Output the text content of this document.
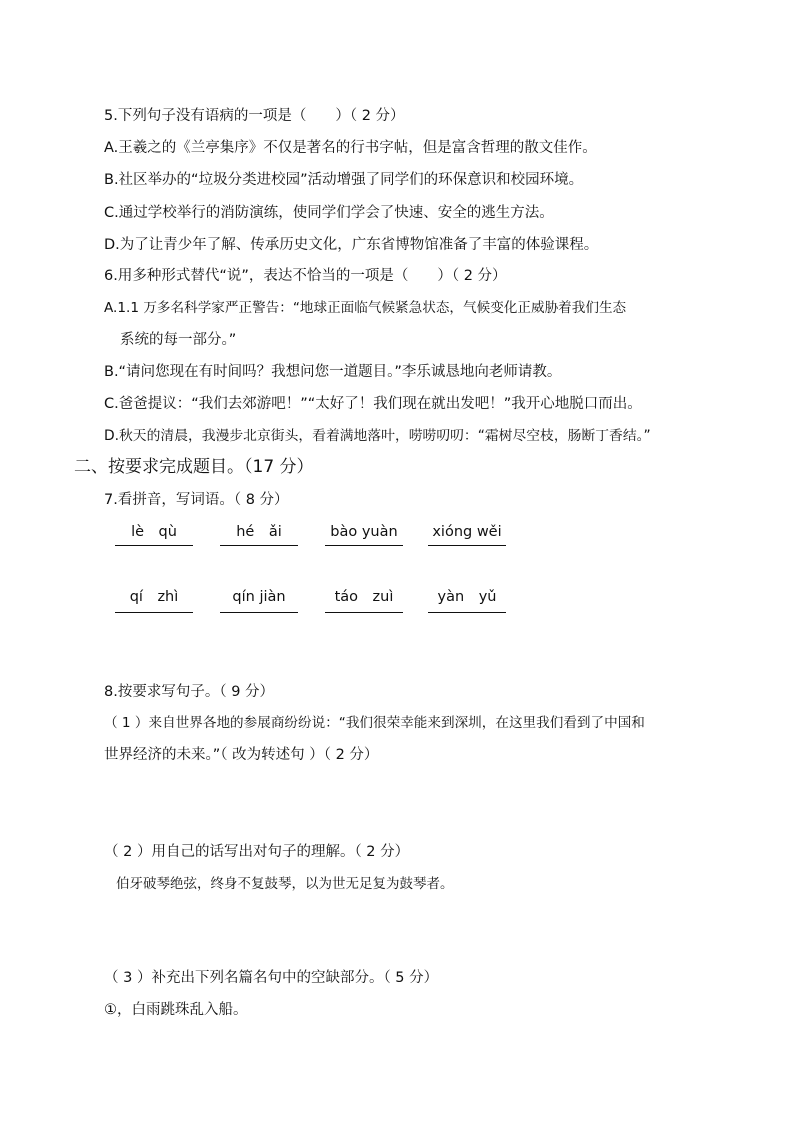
5.下列句子没有语病的一项是（　　）（ 2 分）
A.王羲之的《兰亭集序》不仅是著名的行书字帖，但是富含哲理的散文佳作。
B.社区举办的“垃圾分类进校园”活动增强了同学们的环保意识和校园环境。
C.通过学校举行的消防演练，使同学们学会了快速、安全的逃生方法。
D.为了让青少年了解、传承历史文化，广东省博物馆准备了丰富的体验课程。
6.用多种形式替代“说”，表达不恰当的一项是（　　）（ 2 分）
A.1.1 万多名科学家严正警告：“地球正面临气候紧急状态，气候变化正威胁着我们生态
系统的每一部分。”
B.“请问您现在有时间吗？我想问您一道题目。”李乐诚恳地向老师请教。
C.爸爸提议：“我们去郊游吧！”“太好了！我们现在就出发吧！”我开心地脱口而出。
D.秋天的清晨，我漫步北京街头，看着满地落叶，唠唠叨叨：“霜树尽空枝，肠断丁香结。”
二、按要求完成题目。（17 分）
7.看拼音，写词语。（ 8 分）
lè　qù	hé　ǎi	bào yuàn	xióng wěi
qí　zhì	qín jiàn	táo　zuì	yàn　yǔ
8.按要求写句子。（ 9 分）
（ 1 ）来自世界各地的参展商纷纷说：“我们很荣幸能来到深圳，在这里我们看到了中国和
世界经济的未来。”（ 改为转述句 ）（ 2 分）
（ 2 ）用自己的话写出对句子的理解。（ 2 分）
伯牙破琴绝弦，终身不复鼓琴，以为世无足复为鼓琴者。
（ 3 ）补充出下列名篇名句中的空缺部分。（ 5 分）
①，白雨跳珠乱入船。
